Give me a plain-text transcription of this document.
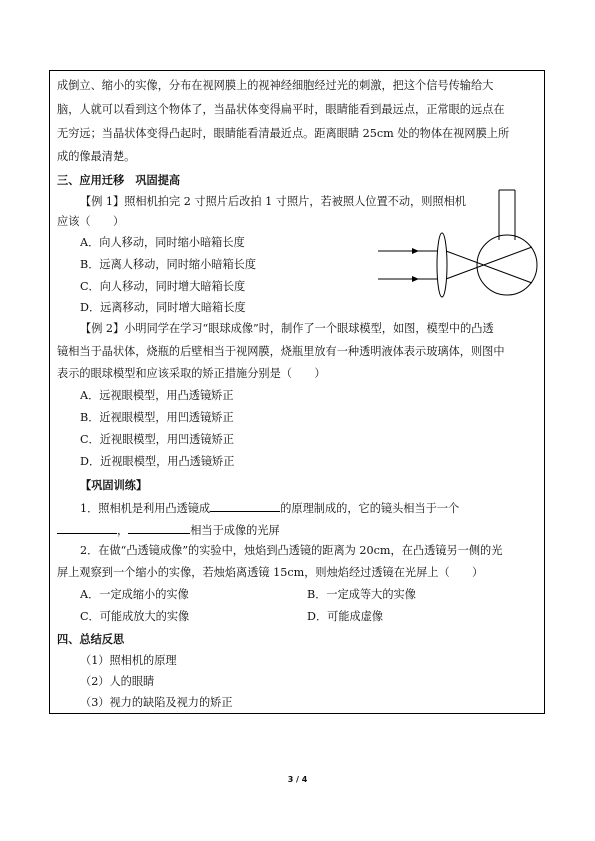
成倒立、缩小的实像，分布在视网膜上的视神经细胞经过光的刺激，把这个信号传输给大
脑，人就可以看到这个物体了，当晶状体变得扁平时，眼睛能看到最远点，正常眼的远点在
无穷远；当晶状体变得凸起时，眼睛能看清最近点。距离眼睛 25cm 处的物体在视网膜上所
成的像最清楚。
三、应用迁移　巩固提高
【例 1】照相机拍完 2 寸照片后改拍 1 寸照片，若被照人位置不动，则照相机
应该（　　）
A．向人移动，同时缩小暗箱长度
B．远离人移动，同时缩小暗箱长度
C．向人移动，同时增大暗箱长度
D．远离移动，同时增大暗箱长度
【例 2】小明同学在学习“眼球成像”时，制作了一个眼球模型，如图，模型中的凸透
镜相当于晶状体，烧瓶的后壁相当于视网膜，烧瓶里放有一种透明液体表示玻璃体，则图中
表示的眼球模型和应该采取的矫正措施分别是（　　）
A．远视眼模型，用凸透镜矫正
B．近视眼模型，用凹透镜矫正
C．近视眼模型，用凹透镜矫正
D．近视眼模型，用凸透镜矫正
【巩固训练】
1．照相机是利用凸透镜成	的原理制成的，它的镜头相当于一个
，	相当于成像的光屏
2．在做“凸透镜成像”的实验中，烛焰到凸透镜的距离为 20cm，在凸透镜另一侧的光
屏上观察到一个缩小的实像，若烛焰离透镜 15cm，则烛焰经过透镜在光屏上（　　）
A．一定成缩小的实像	B．一定成等大的实像
C．可能成放大的实像	D．可能成虚像
四、总结反思
（1）照相机的原理
（2）人的眼睛
（3）视力的缺陷及视力的矫正
3 / 4
